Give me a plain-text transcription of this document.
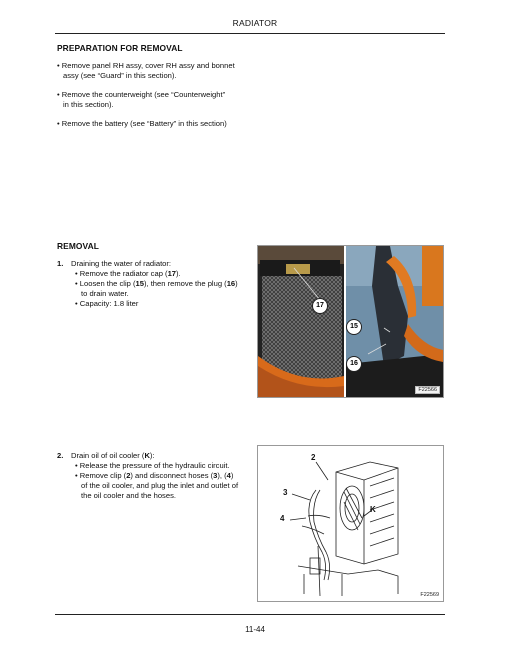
RADIATOR
PREPARATION FOR REMOVAL
• Remove panel RH assy, cover RH assy and bonnet
assy (see “Guard” in this section).
• Remove the counterweight (see “Counterweight”
in this section).
• Remove the battery (see “Battery” in this section)
REMOVAL
1. Draining the water of radiator:
• Remove the radiator cap (17).
• Loosen the clip (15), then remove the plug (16)
to drain water.
• Capacity: 1.8 liter	17
15
16
F22566
2. Drain oil of oil cooler (K):
• Release the pressure of the hydraulic circuit.
• Remove clip (2) and disconnect hoses (3), (4)
of the oil cooler, and plug the inlet and outlet of
the oil cooler and the hoses.
2
3
4
K
F22569
11-44
